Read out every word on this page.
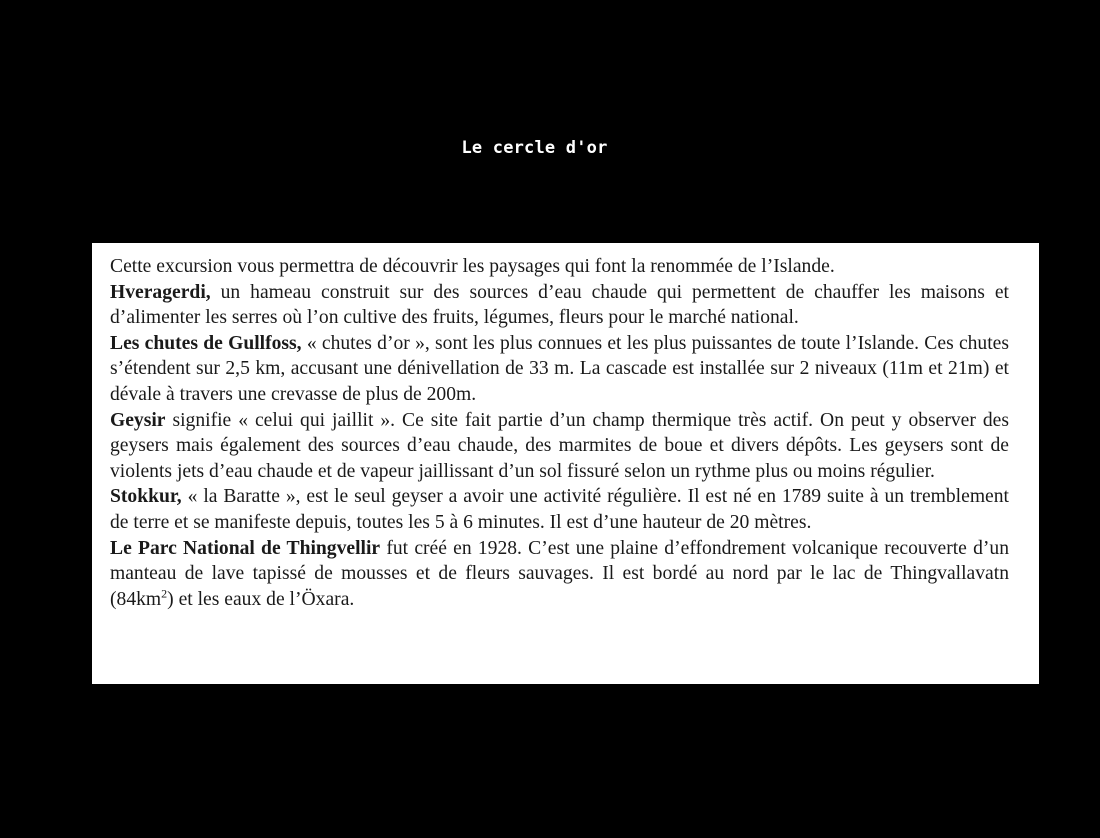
Le cercle d'or

Cette excursion vous permettra de découvrir les paysages qui font la renommée de l’Islande.

Hveragerdi, un hameau construit sur des sources d’eau chaude qui permettent de chauffer les maisons et d’alimenter les serres où l’on cultive des fruits, légumes, fleurs pour le marché national.

Les chutes de Gullfoss, « chutes d’or », sont les plus connues et les plus puissantes de toute l’Islande. Ces chutes s’étendent sur 2,5 km, accusant une dénivellation de 33 m. La cascade est installée sur 2 niveaux (11m et 21m) et dévale à travers une crevasse de plus de 200m.

Geysir signifie « celui qui jaillit ». Ce site fait partie d’un champ thermique très actif. On peut y observer des geysers mais également des sources d’eau chaude, des marmites de boue et divers dépôts. Les geysers sont de violents jets d’eau chaude et de vapeur jaillissant d’un sol fissuré selon un rythme plus ou moins régulier.

Stokkur, « la Baratte », est le seul geyser a avoir une activité régulière. Il est né en 1789 suite à un tremblement de terre et se manifeste depuis, toutes les 5 à 6 minutes. Il est d’une hauteur de 20 mètres.

Le Parc National de Thingvellir fut créé en 1928. C’est une plaine d’effondrement volcanique recouverte d’un manteau de lave tapissé de mousses et de fleurs sauvages. Il est bordé au nord par le lac de Thingvallavatn $(84km^2)$ et les eaux de l’Öxara.
